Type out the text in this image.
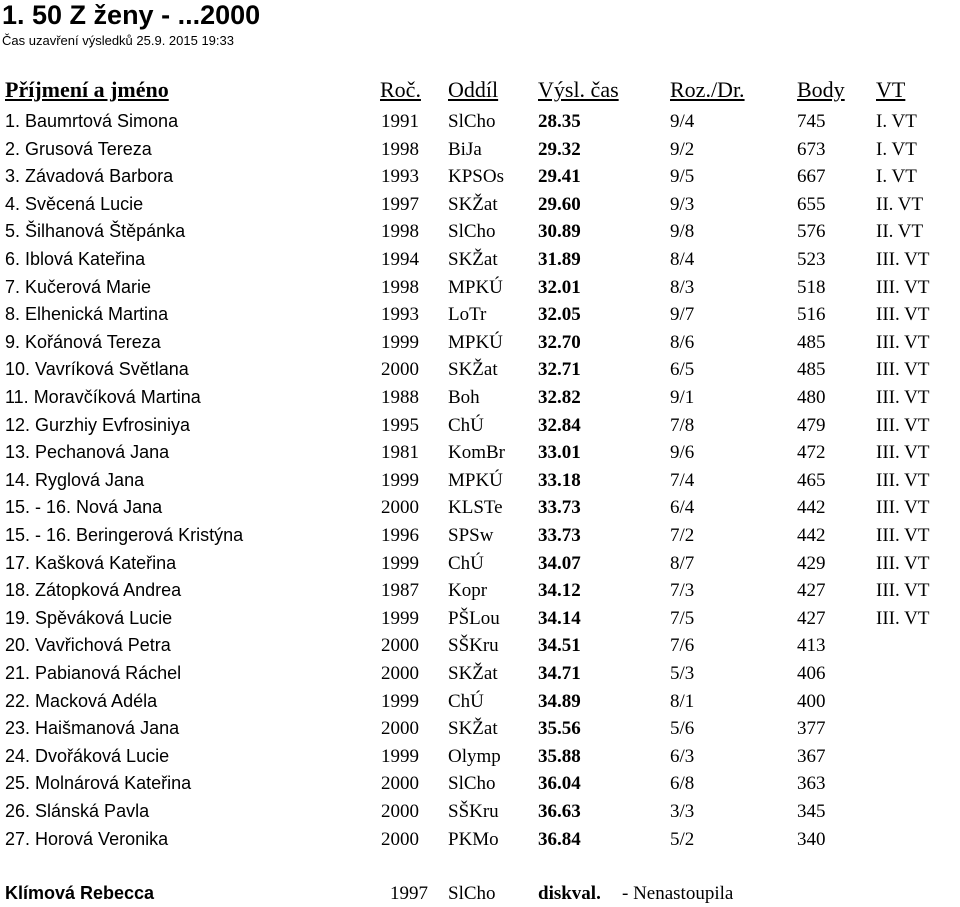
1. 50 Z ženy - ...2000
Čas uzavření výsledků 25.9. 2015 19:33
Příjmení a jméno	Roč. Oddíl Výsl. čas Roz./Dr. Body VT
1. Baumrtová Simona	1991 SlCho 28.35	9/4	745	I. VT
2. Grusová Tereza	1998 BiJa	29.32	9/2	673	I. VT
3. Závadová Barbora	1993 KPSOs 29.41	9/5	667	I. VT
4. Svěcená Lucie	1997 SKŽat 29.60	9/3	655	II. VT
5. Šilhanová Štěpánka	1998 SlCho 30.89	9/8	576	II. VT
6. Iblová Kateřina	1994 SKŽat 31.89	8/4	523	III. VT
7. Kučerová Marie	1998 MPKÚ 32.01	8/3	518	III. VT
8. Elhenická Martina	1993 LoTr	32.05	9/7	516	III. VT
9. Kořánová Tereza	1999 MPKÚ 32.70	8/6	485	III. VT
10. Vavríková Světlana	2000 SKŽat 32.71	6/5	485	III. VT
11. Moravčíková Martina	1988 Boh	32.82	9/1	480	III. VT
12. Gurzhiy Evfrosiniya	1995 ChÚ	32.84	7/8	479	III. VT
13. Pechanová Jana	1981 KomBr 33.01	9/6	472	III. VT
14. Ryglová Jana	1999 MPKÚ 33.18	7/4	465	III. VT
15. - 16. Nová Jana	2000 KLSTe 33.73	6/4	442	III. VT
15. - 16. Beringerová Kristýna	1996 SPSw 33.73	7/2	442	III. VT
17. Kašková Kateřina	1999 ChÚ	34.07	8/7	429	III. VT
18. Zátopková Andrea	1987 Kopr	34.12	7/3	427	III. VT
19. Spěváková Lucie	1999 PŠLou 34.14	7/5	427	III. VT
20. Vavřichová Petra	2000 SŠKru 34.51	7/6	413
21. Pabianová Ráchel	2000 SKŽat 34.71	5/3	406
22. Macková Adéla	1999 ChÚ	34.89	8/1	400
23. Haišmanová Jana	2000 SKŽat 35.56	5/6	377
24. Dvořáková Lucie	1999 Olymp 35.88	6/3	367
25. Molnárová Kateřina	2000 SlCho 36.04	6/8	363
26. Slánská Pavla	2000 SŠKru 36.63	3/3	345
27. Horová Veronika	2000 PKMo 36.84	5/2	340
Klímová Rebecca	1997 SlCho diskval. - Nenastoupila
